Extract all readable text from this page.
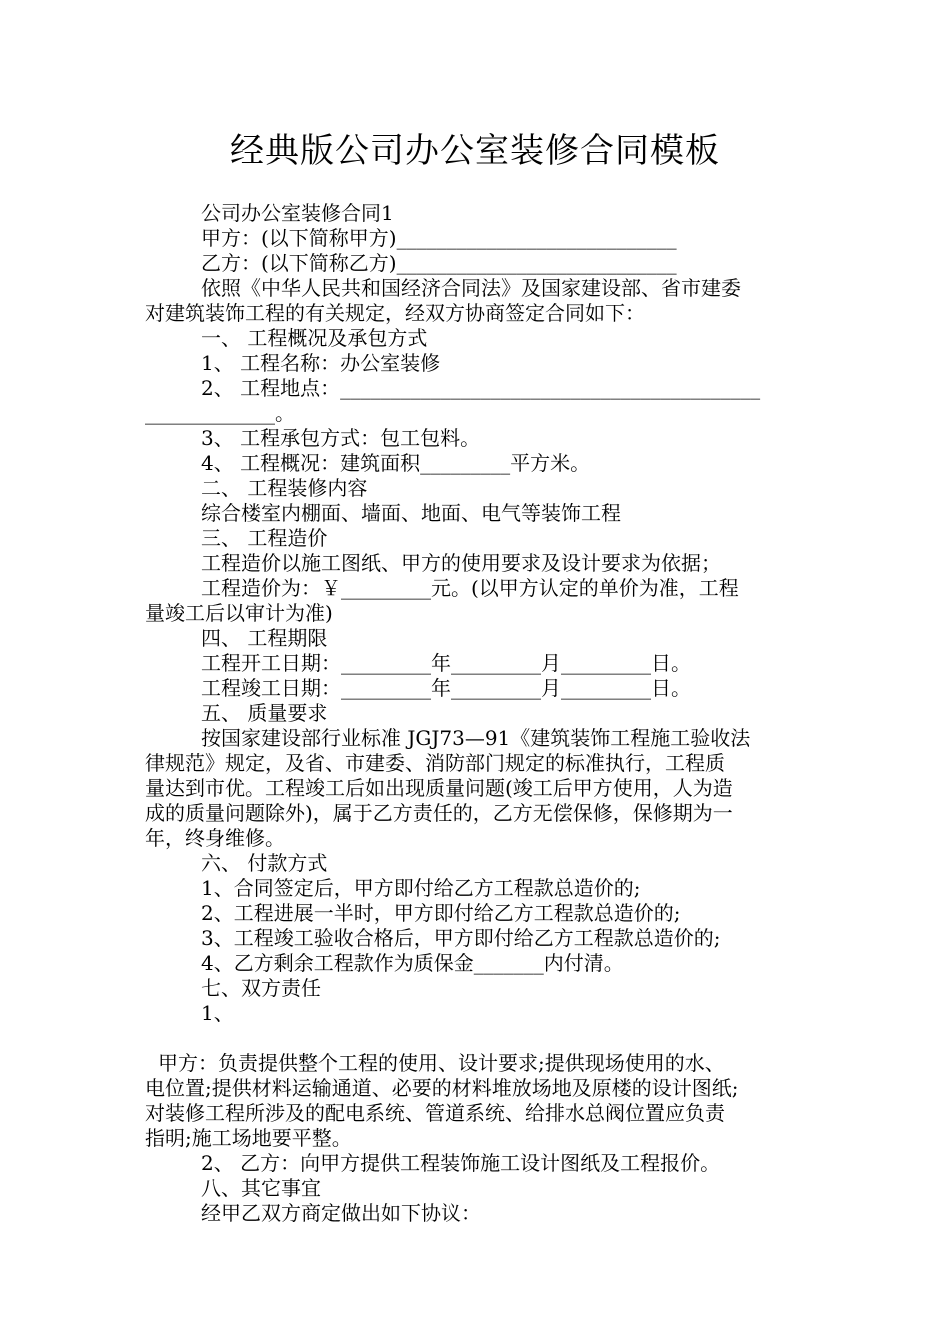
经典版公司办公室装修合同模板
公司办公室装修合同1
甲方：(以下简称甲方)____________________________
乙方：(以下简称乙方)____________________________
依照《中华人民共和国经济合同法》及国家建设部、省市建委
对建筑装饰工程的有关规定，经双方协商签定合同如下：
一、 工程概况及承包方式
1、 工程名称：办公室装修
2、 工程地点：__________________________________________
_____________。
3、 工程承包方式：包工包料。
4、 工程概况：建筑面积_________平方米。
二、 工程装修内容
综合楼室内棚面、墙面、地面、电气等装饰工程
三、 工程造价
工程造价以施工图纸、甲方的使用要求及设计要求为依据；
工程造价为：￥_________元。(以甲方认定的单价为准，工程
量竣工后以审计为准)
四、 工程期限
工程开工日期：_________年_________月_________日。
工程竣工日期：_________年_________月_________日。
五、 质量要求
按国家建设部行业标准 JGJ73—91《建筑装饰工程施工验收法
律规范》规定，及省、市建委、消防部门规定的标准执行，工程质
量达到市优。工程竣工后如出现质量问题(竣工后甲方使用，人为造
成的质量问题除外)，属于乙方责任的，乙方无偿保修，保修期为一
年，终身维修。
六、 付款方式
1、合同签定后，甲方即付给乙方工程款总造价的;
2、工程进展一半时，甲方即付给乙方工程款总造价的;
3、工程竣工验收合格后，甲方即付给乙方工程款总造价的;
4、乙方剩余工程款作为质保金_______内付清。
七、双方责任
1、
甲方：负责提供整个工程的使用、设计要求;提供现场使用的水、
电位置;提供材料运输通道、必要的材料堆放场地及原楼的设计图纸;
对装修工程所涉及的配电系统、管道系统、给排水总阀位置应负责
指明;施工场地要平整。
2、 乙方：向甲方提供工程装饰施工设计图纸及工程报价。
八、其它事宜
经甲乙双方商定做出如下协议：
